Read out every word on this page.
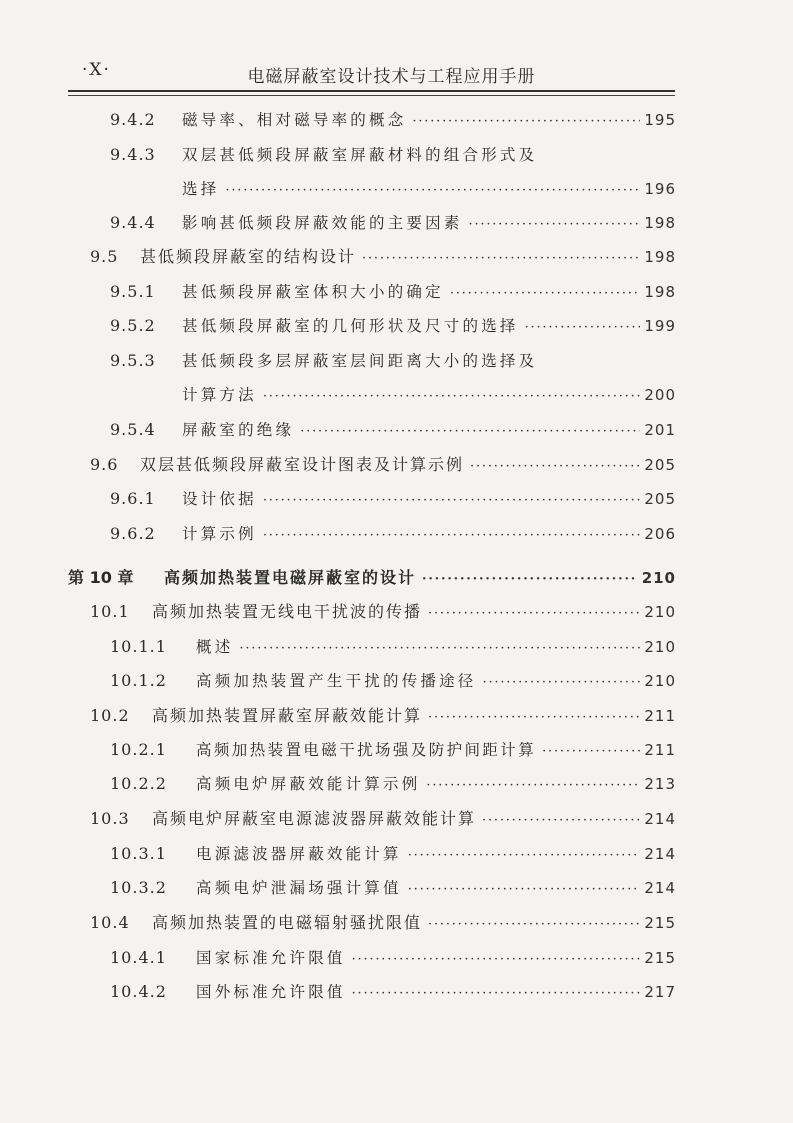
·Ⅹ·	电磁屏蔽室设计技术与工程应用手册
9.4.2	磁导率、相对磁导率的概念 ·····	195
9.4.3	双层甚低频段屏蔽室屏蔽材料的组合形式及
选择 ·····	196
9.4.4	影响甚低频段屏蔽效能的主要因素 ·····	198
9.5	甚低频段屏蔽室的结构设计 ·····	198
9.5.1	甚低频段屏蔽室体积大小的确定 ·····	198
9.5.2	甚低频段屏蔽室的几何形状及尺寸的选择 ·····	199
9.5.3	甚低频段多层屏蔽室层间距离大小的选择及
计算方法 ·····	200
9.5.4	屏蔽室的绝缘 ·····	201
9.6	双层甚低频段屏蔽室设计图表及计算示例 ·····	205
9.6.1	设计依据 ·····	205
9.6.2	计算示例 ·····	206
第 10 章	高频加热装置电磁屏蔽室的设计 ·····	210
10.1	高频加热装置无线电干扰波的传播 ·····	210
10.1.1	概述 ·····	210
10.1.2	高频加热装置产生干扰的传播途径 ·····	210
10.2	高频加热装置屏蔽室屏蔽效能计算 ·····	211
10.2.1	高频加热装置电磁干扰场强及防护间距计算 ·····	211
10.2.2	高频电炉屏蔽效能计算示例 ·····	213
10.3	高频电炉屏蔽室电源滤波器屏蔽效能计算 ·····	214
10.3.1	电源滤波器屏蔽效能计算 ·····	214
10.3.2	高频电炉泄漏场强计算值 ·····	214
10.4	高频加热装置的电磁辐射骚扰限值 ·····	215
10.4.1	国家标准允许限值 ·····	215
10.4.2	国外标准允许限值 ·····	217
